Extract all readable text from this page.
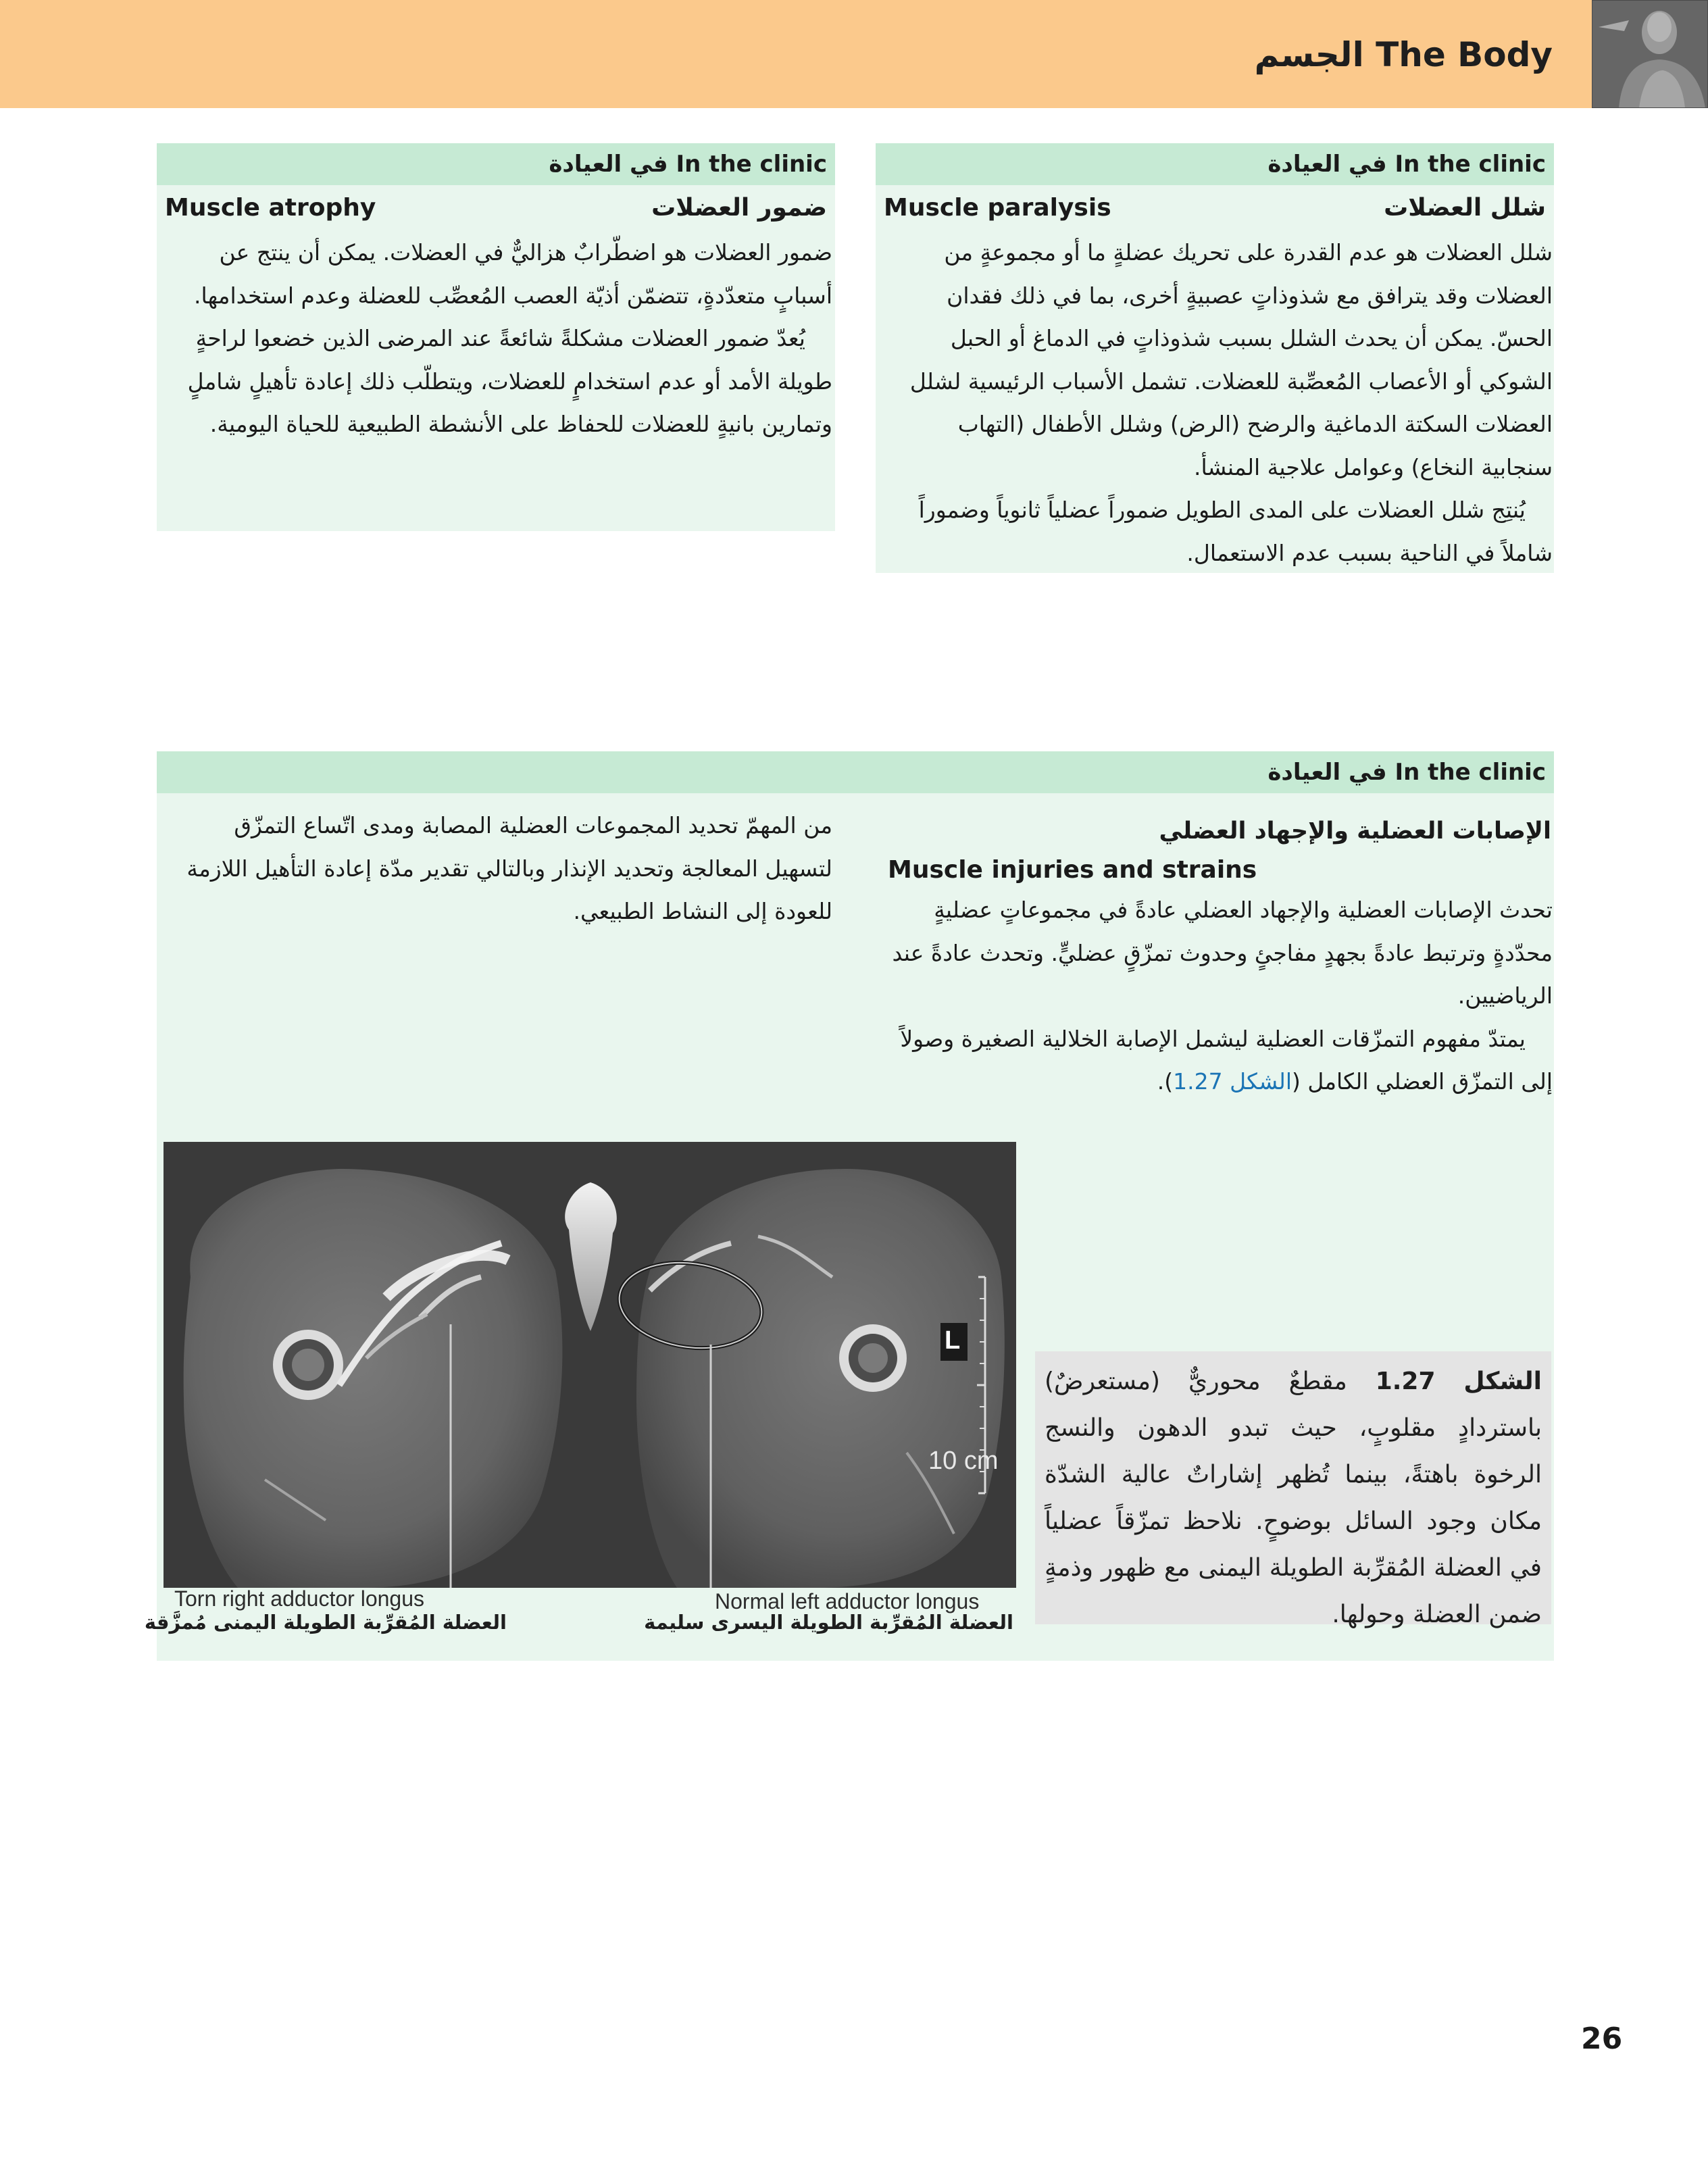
The Body الجسم
In the clinic في العيادة
شلل العضلات
Muscle paralysis

شلل العضلات هو عدم القدرة على تحريك عضلةٍ ما أو مجموعةٍ من العضلات وقد يترافق مع شذوذاتٍ عصبيةٍ أخرى، بما في ذلك فقدان الحسّ. يمكن أن يحدث الشلل بسبب شذوذاتٍ في الدماغ أو الحبل الشوكي أو الأعصاب المُعصِّبة للعضلات. تشمل الأسباب الرئيسية لشلل العضلات السكتة الدماغية والرضح (الرض) وشلل الأطفال (التهاب سنجابية النخاع) وعوامل علاجية المنشأ.

يُنتِج شلل العضلات على المدى الطويل ضموراً عضلياً ثانوياً وضموراً شاملاً في الناحية بسبب عدم الاستعمال.

In the clinic في العيادة
ضمور العضلات
Muscle atrophy

ضمور العضلات هو اضطّرابٌ هزاليٌّ في العضلات. يمكن أن ينتج عن أسبابٍ متعدّدةٍ، تتضمّن أذيّة العصب المُعصِّب للعضلة وعدم استخدامها.

يُعدّ ضمور العضلات مشكلةً شائعةً عند المرضى الذين خضعوا لراحةٍ طويلة الأمد أو عدم استخدامٍ للعضلات، ويتطلّب ذلك إعادة تأهيلٍ شاملٍ وتمارين بانيةٍ للعضلات للحفاظ على الأنشطة الطبيعية للحياة اليومية.

In the clinic في العيادة
الإصابات العضلية والإجهاد العضلي
Muscle injuries and strains

تحدث الإصابات العضلية والإجهاد العضلي عادةً في مجموعاتٍ عضليةٍ محدّدةٍ وترتبط عادةً بجهدٍ مفاجئٍ وحدوث تمزّقٍ عضليٍّ. وتحدث عادةً عند الرياضيين.

يمتدّ مفهوم التمزّقات العضلية ليشمل الإصابة الخلالية الصغيرة وصولاً إلى التمزّق العضلي الكامل (الشكل 1.27).

من المهمّ تحديد المجموعات العضلية المصابة ومدى اتّساع التمزّق لتسهيل المعالجة وتحديد الإنذار وبالتالي تقدير مدّة إعادة التأهيل اللازمة للعودة إلى النشاط الطبيعي.

L
10 cm
Torn right adductor longus	Normal left adductor longus
العضلة المُقرِّبة الطويلة اليمنى مُمزَّقة	العضلة المُقرِّبة الطويلة اليسرى سليمة
الشكل 1.27 مقطعٌ محوريٌّ (مستعرضٌ) باستردادٍ مقلوبٍ، حيث تبدو الدهون والنسج الرخوة باهتةً، بينما تُظهر إشاراتٌ عالية الشدّة مكان وجود السائل بوضوحٍ. نلاحظ تمزّقاً عضلياً في العضلة المُقرِّبة الطويلة اليمنى مع ظهور وذمةٍ ضمن العضلة وحولها.
26
